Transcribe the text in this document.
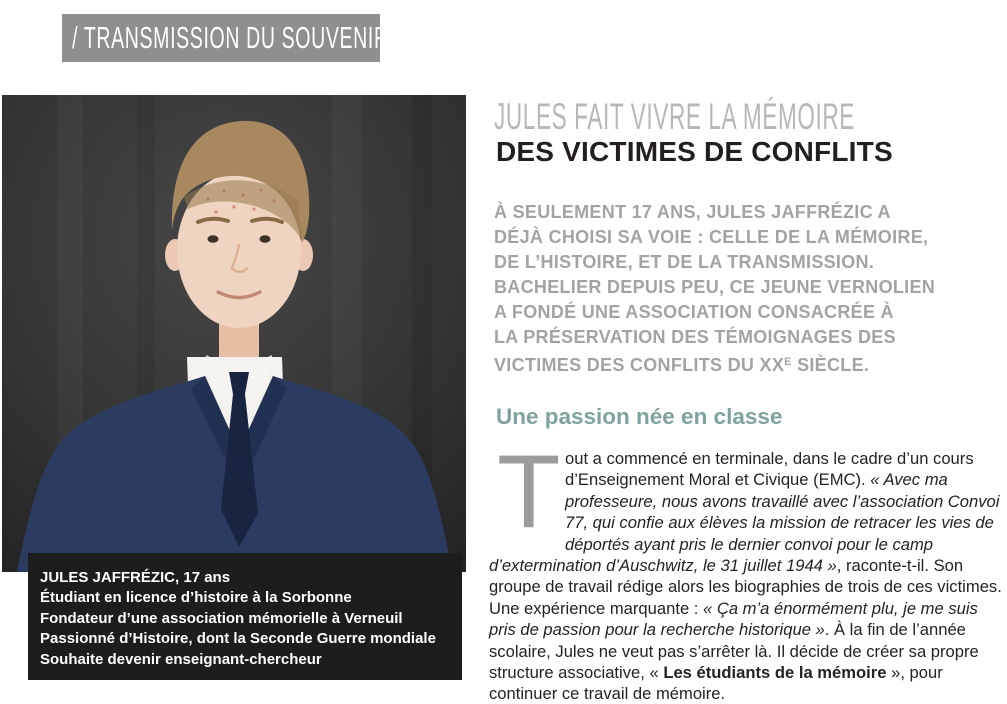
/ TRANSMISSION DU SOUVENIR
JULES JAFFRÉZIC, 17 ans
Étudiant en licence d’histoire à la Sorbonne
Fondateur d’une association mémorielle à Verneuil
Passionné d’Histoire, dont la Seconde Guerre mondiale
Souhaite devenir enseignant-chercheur
JULES FAIT VIVRE LA MÉMOIRE
DES VICTIMES DE CONFLITS
À SEULEMENT 17 ANS, JULES JAFFRÉZIC A
DÉJÀ CHOISI SA VOIE : CELLE DE LA MÉMOIRE,
DE L’HISTOIRE, ET DE LA TRANSMISSION.
BACHELIER DEPUIS PEU, CE JEUNE VERNOLIEN
A FONDÉ UNE ASSOCIATION CONSACRÉE À
LA PRÉSERVATION DES TÉMOIGNAGES DES
VICTIMES DES CONFLITS DU $XX^E$ SIÈCLE.
Une passion née en classe

Tout a commencé en terminale, dans le cadre d’un cours d’Enseignement Moral et Civique (EMC). « Avec ma professeure, nous avons travaillé avec l’association Convoi 77, qui confie aux élèves la mission de retracer les vies de déportés ayant pris le dernier convoi pour le camp d’extermination d’Auschwitz, le 31 juillet 1944 », raconte-t-il. Son groupe de travail rédige alors les biographies de trois de ces victimes. Une expérience marquante : « Ça m’a énormément plu, je me suis pris de passion pour la recherche historique ». À la fin de l’année scolaire, Jules ne veut pas s’arrêter là. Il décide de créer sa propre structure associative, « Les étudiants de la mémoire », pour continuer ce travail de mémoire.
